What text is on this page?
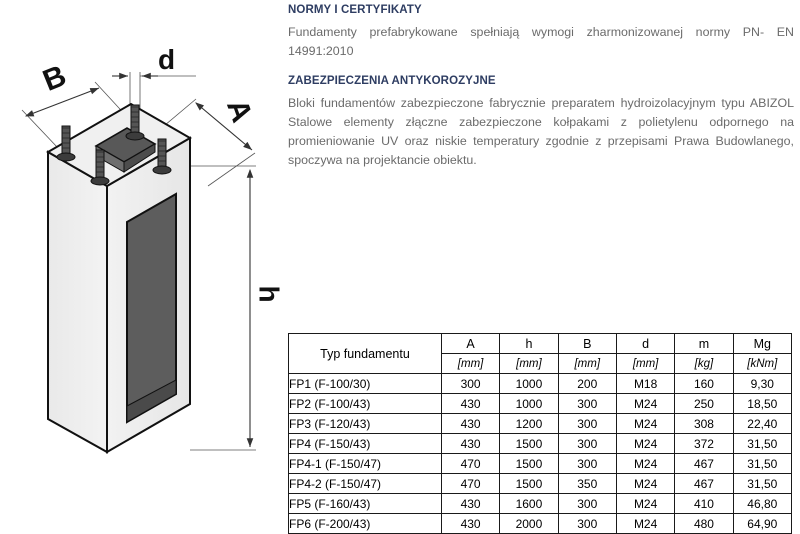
B	d
A
h
NORMY I CERTYFIKATY
Fundamenty prefabrykowane spełniają wymogi zharmonizowanej normy PN- EN 14991:2010
ZABEZPIECZENIA ANTYKOROZYJNE
Bloki fundamentów zabezpieczone fabrycznie preparatem hydroizolacyjnym typu ABIZOL Stalowe elementy złączne zabezpieczone kołpakami z polietylenu odpornego na promieniowanie UV oraz niskie temperatury zgodnie z przepisami Prawa Budowlanego, spoczywa na projektancie obiektu.
Typ fundamentu	A	h	B	d	m	Mg
	[mm]	[mm]	[mm]	[mm]	[kg]	[kNm]
FP1 (F-100/30)	300	1000	200	M18	160	9,30
FP2 (F-100/43)	430	1000	300	M24	250	18,50
FP3 (F-120/43)	430	1200	300	M24	308	22,40
FP4 (F-150/43)	430	1500	300	M24	372	31,50
FP4-1 (F-150/47)	470	1500	300	M24	467	31,50
FP4-2 (F-150/47)	470	1500	350	M24	467	31,50
FP5 (F-160/43)	430	1600	300	M24	410	46,80
FP6 (F-200/43)	430	2000	300	M24	480	64,90
